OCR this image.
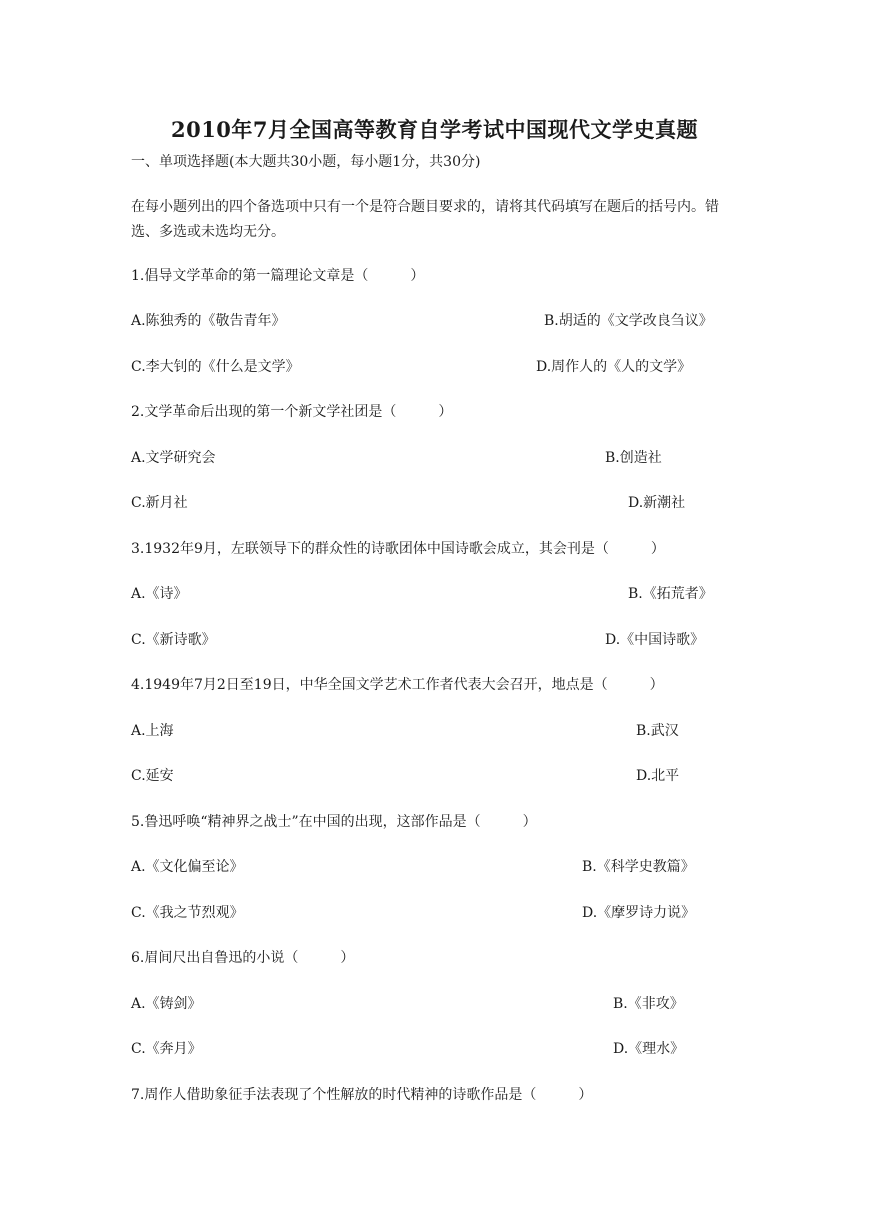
2010年7月全国高等教育自学考试中国现代文学史真题
一、单项选择题(本大题共30小题，每小题1分，共30分)
在每小题列出的四个备选项中只有一个是符合题目要求的，请将其代码填写在题后的括号内。错选、多选或未选均无分。
1.倡导文学革命的第一篇理论文章是（　　　）
A.陈独秀的《敬告青年》	B.胡适的《文学改良刍议》
C.李大钊的《什么是文学》	D.周作人的《人的文学》
2.文学革命后出现的第一个新文学社团是（　　　）
A.文学研究会	B.创造社
C.新月社	D.新潮社
3.1932年9月，左联领导下的群众性的诗歌团体中国诗歌会成立，其会刊是（　　　）
A.《诗》	B.《拓荒者》
C.《新诗歌》	D.《中国诗歌》
4.1949年7月2日至19日，中华全国文学艺术工作者代表大会召开，地点是（　　　）
A.上海	B.武汉
C.延安	D.北平
5.鲁迅呼唤“精神界之战士”在中国的出现，这部作品是（　　　）
A.《文化偏至论》	B.《科学史教篇》
C.《我之节烈观》	D.《摩罗诗力说》
6.眉间尺出自鲁迅的小说（　　　）
A.《铸剑》	B.《非攻》
C.《奔月》	D.《理水》
7.周作人借助象征手法表现了个性解放的时代精神的诗歌作品是（　　　）
